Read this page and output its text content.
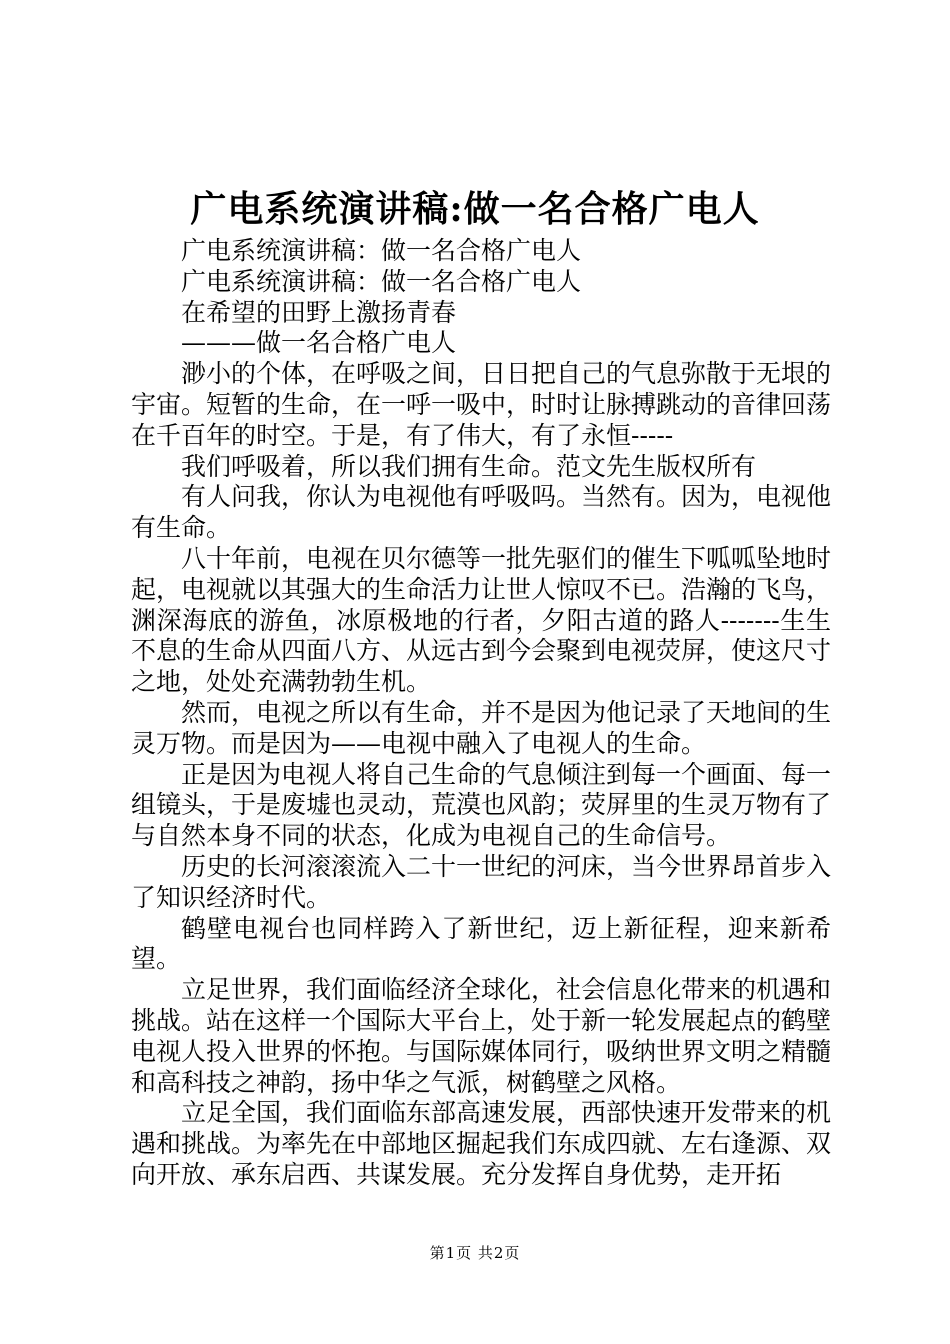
广电系统演讲稿:做一名合格广电人

广电系统演讲稿：做一名合格广电人

广电系统演讲稿：做一名合格广电人

在希望的田野上激扬青春

———做一名合格广电人

渺小的个体，在呼吸之间，日日把自己的气息弥散于无垠的宇宙。短暂的生命，在一呼一吸中，时时让脉搏跳动的音律回荡在千百年的时空。于是，有了伟大，有了永恒-----

我们呼吸着，所以我们拥有生命。范文先生版权所有

有人问我，你认为电视他有呼吸吗。当然有。因为，电视他有生命。

八十年前，电视在贝尔德等一批先驱们的催生下呱呱坠地时起，电视就以其强大的生命活力让世人惊叹不已。浩瀚的飞鸟，渊深海底的游鱼，冰原极地的行者，夕阳古道的路人-------生生不息的生命从四面八方、从远古到今会聚到电视荧屏，使这尺寸之地，处处充满勃勃生机。

然而，电视之所以有生命，并不是因为他记录了天地间的生灵万物。而是因为——电视中融入了电视人的生命。

正是因为电视人将自己生命的气息倾注到每一个画面、每一组镜头，于是废墟也灵动，荒漠也风韵；荧屏里的生灵万物有了与自然本身不同的状态，化成为电视自己的生命信号。

历史的长河滚滚流入二十一世纪的河床，当今世界昂首步入了知识经济时代。

鹤壁电视台也同样跨入了新世纪，迈上新征程，迎来新希望。

立足世界，我们面临经济全球化，社会信息化带来的机遇和挑战。站在这样一个国际大平台上，处于新一轮发展起点的鹤壁电视人投入世界的怀抱。与国际媒体同行，吸纳世界文明之精髓和高科技之神韵，扬中华之气派，树鹤壁之风格。

立足全国，我们面临东部高速发展，西部快速开发带来的机遇和挑战。为率先在中部地区掘起我们东成四就、左右逢源、双向开放、承东启西、共谋发展。充分发挥自身优势，走开拓

第1页 共2页
